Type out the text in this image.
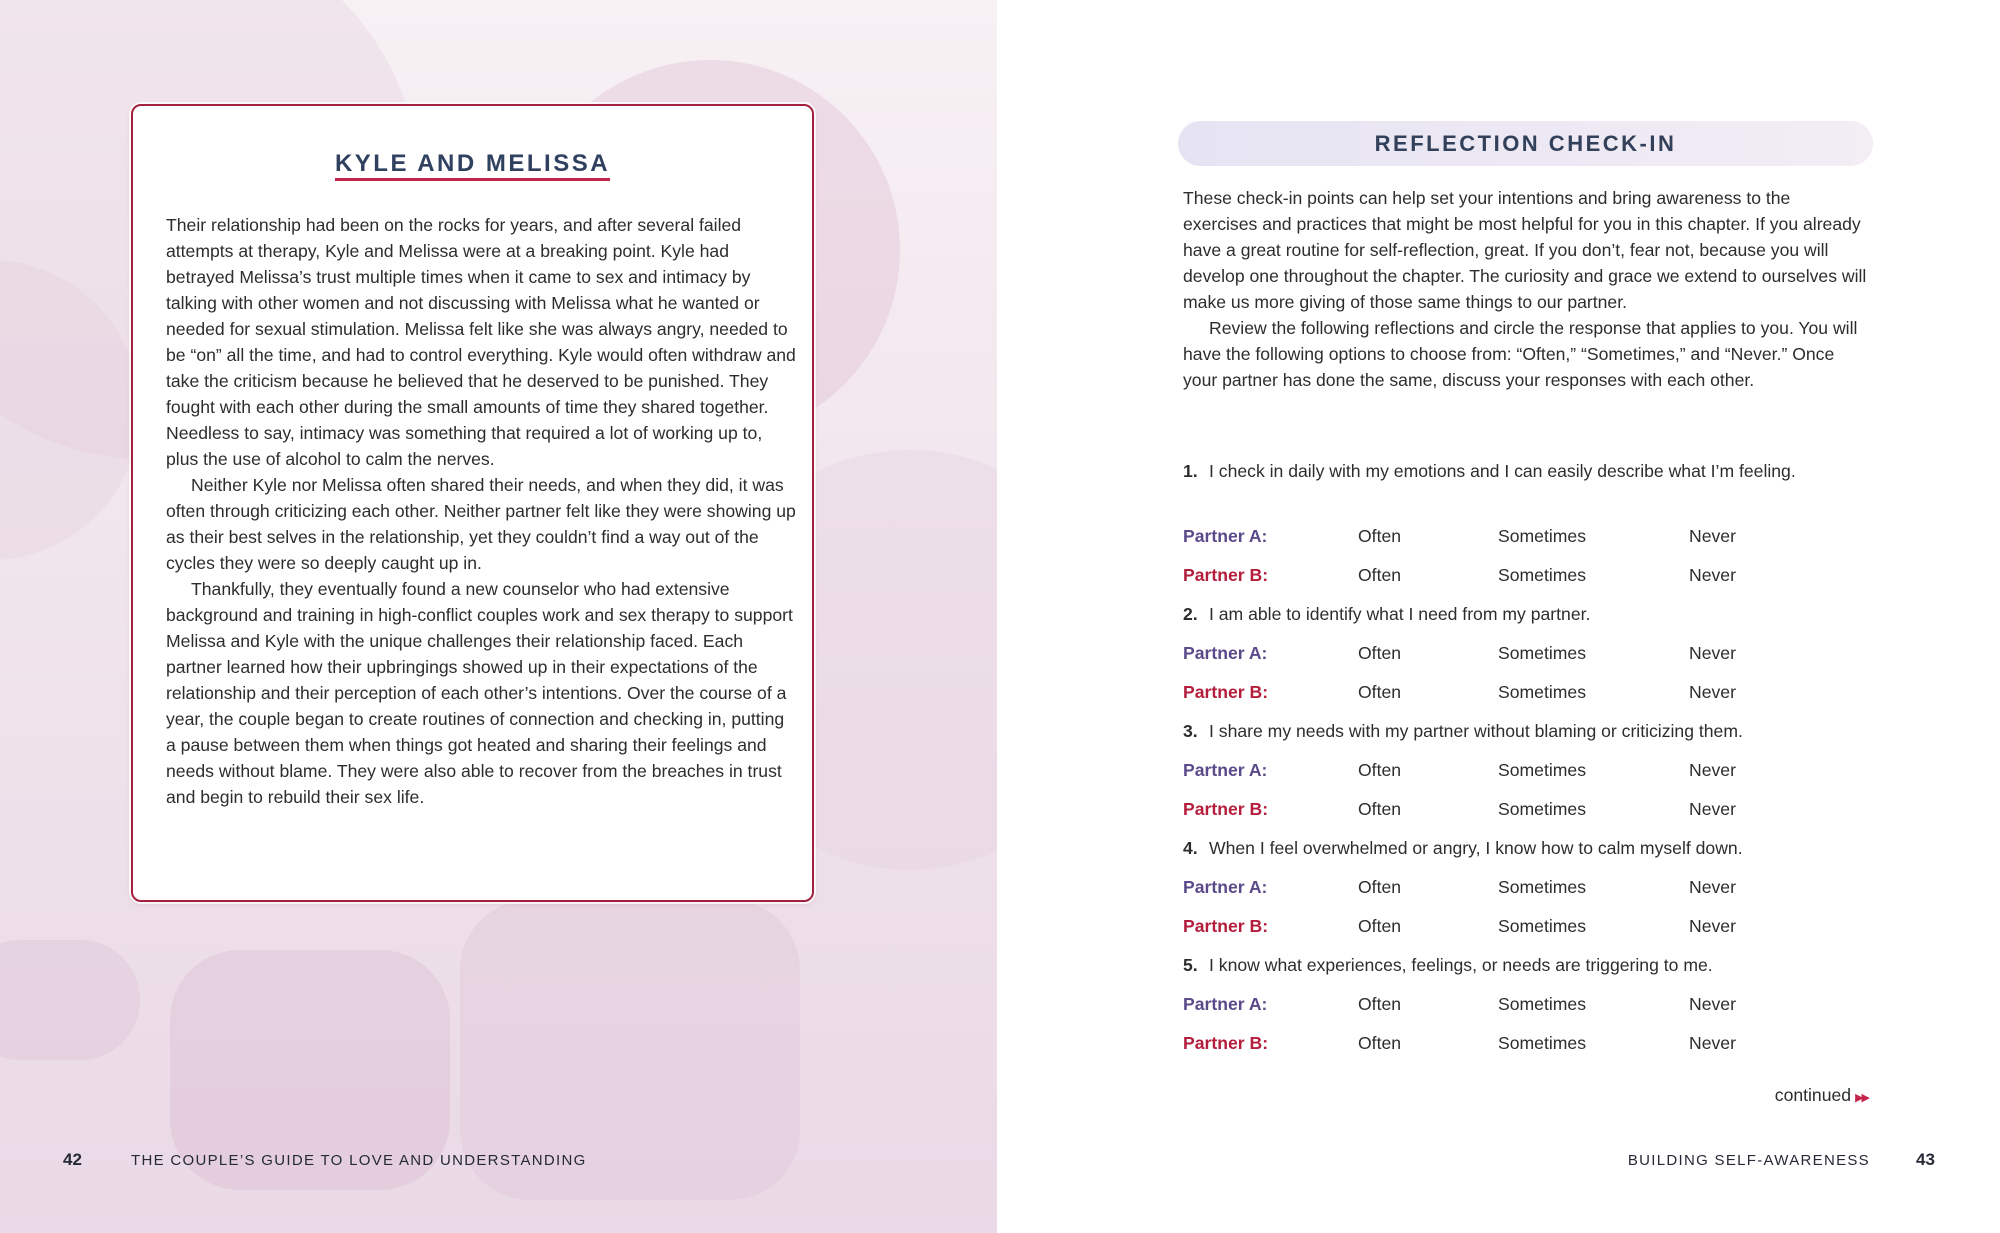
KYLE AND MELISSA

Their relationship had been on the rocks for years, and after several failed attempts at therapy, Kyle and Melissa were at a breaking point. Kyle had betrayed Melissa’s trust multiple times when it came to sex and intimacy by talking with other women and not discussing with Melissa what he wanted or needed for sexual stimulation. Melissa felt like she was always angry, needed to be “on” all the time, and had to control everything. Kyle would often withdraw and take the criticism because he believed that he deserved to be punished. They fought with each other during the small amounts of time they shared together. Needless to say, intimacy was something that required a lot of working up to, plus the use of alcohol to calm the nerves.

Neither Kyle nor Melissa often shared their needs, and when they did, it was often through criticizing each other. Neither partner felt like they were showing up as their best selves in the relationship, yet they couldn’t find a way out of the cycles they were so deeply caught up in.

Thankfully, they eventually found a new counselor who had extensive background and training in high-conflict couples work and sex therapy to support Melissa and Kyle with the unique challenges their relationship faced. Each partner learned how their upbringings showed up in their expectations of the relationship and their perception of each other’s intentions. Over the course of a year, the couple began to create routines of connection and checking in, putting a pause between them when things got heated and sharing their feelings and needs without blame. They were also able to recover from the breaches in trust and begin to rebuild their sex life.

42	THE COUPLE’S GUIDE TO LOVE AND UNDERSTANDING
REFLECTION CHECK-IN

These check-in points can help set your intentions and bring awareness to the exercises and practices that might be most helpful for you in this chapter. If you already have a great routine for self-reflection, great. If you don’t, fear not, because you will develop one throughout the chapter. The curiosity and grace we extend to ourselves will make us more giving of those same things to our partner.

Review the following reflections and circle the response that applies to you. You will have the following options to choose from: “Often,” “Sometimes,” and “Never.” Once your partner has done the same, discuss your responses with each other.

1. I check in daily with my emotions and I can easily describe what I’m feeling.
Partner A:	Often	Sometimes	Never
Partner B:	Often	Sometimes	Never
2. I am able to identify what I need from my partner.
Partner A:	Often	Sometimes	Never
Partner B:	Often	Sometimes	Never
3. I share my needs with my partner without blaming or criticizing them.
Partner A:	Often	Sometimes	Never
Partner B:	Often	Sometimes	Never
4. When I feel overwhelmed or angry, I know how to calm myself down.
Partner A:	Often	Sometimes	Never
Partner B:	Often	Sometimes	Never
5. I know what experiences, feelings, or needs are triggering to me.
Partner A:	Often	Sometimes	Never
Partner B:	Often	Sometimes	Never
continued ▶▶
BUILDING SELF-AWARENESS	43
